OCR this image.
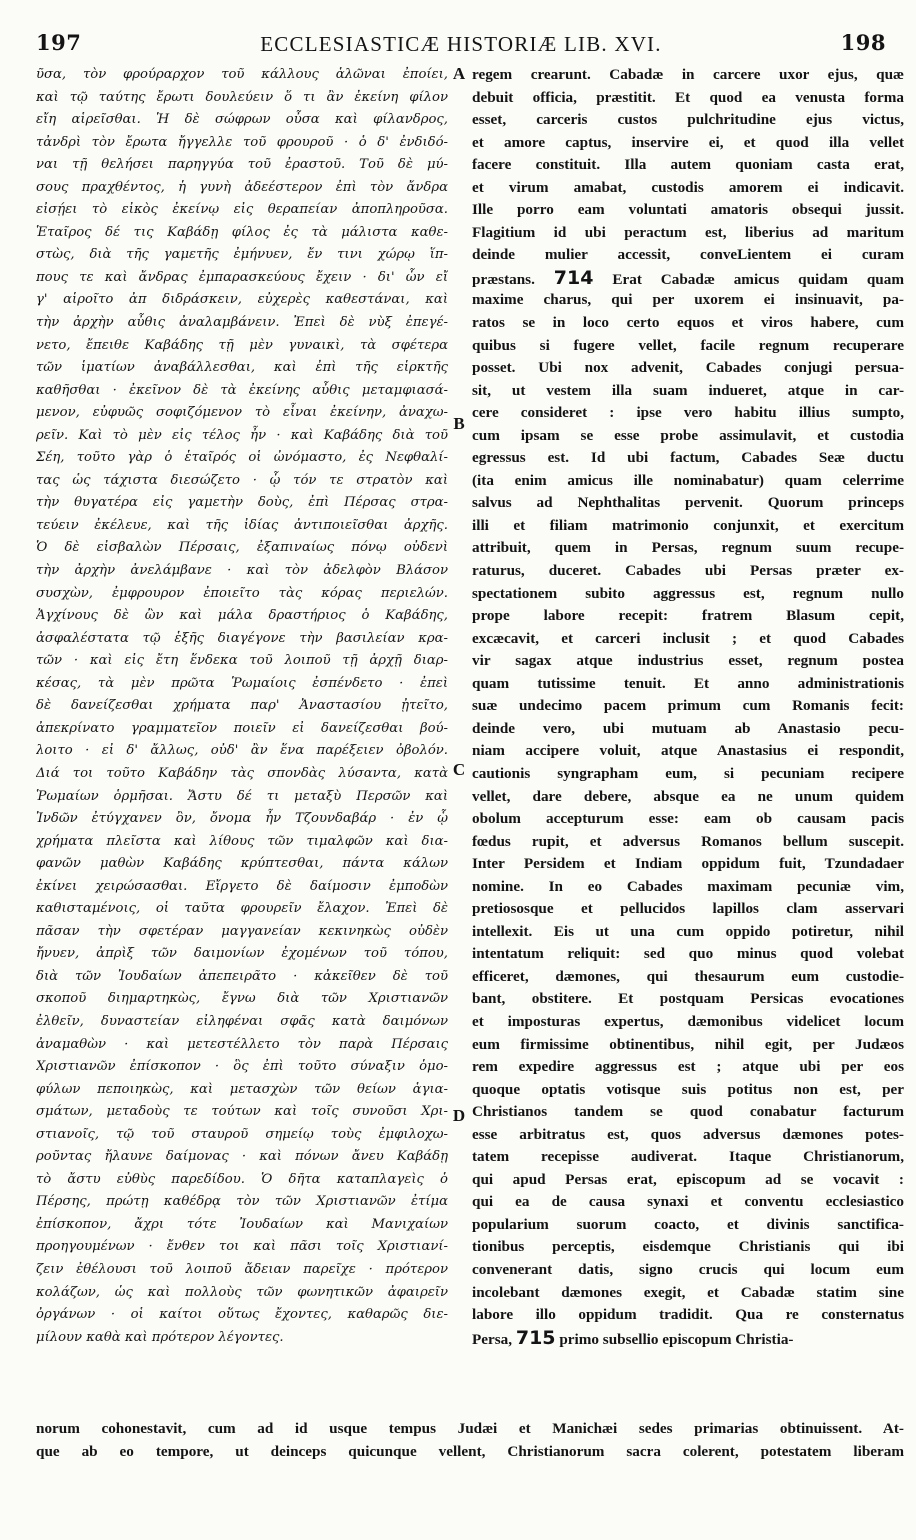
197	ECCLESIASTICÆ HISTORIÆ LIB. XVI.	198
ῦσα, τὸν φρούραρχον τοῦ κάλλους ἁλῶναι ἐποίει,
καὶ τῷ ταύτης ἔρωτι δουλεύειν ὅ τι ἂν ἐκείνη φίλον
εἴη αἱρεῖσθαι. Ἡ δὲ σώφρων οὖσα καὶ φίλανδρος,
τἀνδρὶ τὸν ἔρωτα ἤγγελλε τοῦ φρουροῦ · ὁ δ' ἐνδιδό-
ναι τῇ θελήσει παρηγγύα τοῦ ἐραστοῦ. Τοῦ δὲ μύ-
σους πραχθέντος, ἡ γυνὴ ἀδεέστερον ἐπὶ τὸν ἄνδρα
εἰσῄει τὸ εἰκὸς ἐκείνῳ εἰς θεραπείαν ἀποπληροῦσα.
Ἑταῖρος δέ τις Καβάδῃ φίλος ἐς τὰ μάλιστα καθε-
στὼς, διὰ τῆς γαμετῆς ἐμήνυεν, ἔν τινι χώρῳ ἵπ-
πους τε καὶ ἄνδρας ἐμπαρασκεύους ἔχειν · δι' ὧν εἴ
γ' αἱροῖτο ἀπ διδράσκειν, εὐχερὲς καθεστάναι, καὶ
τὴν ἀρχὴν αὖθις ἀναλαμβάνειν. Ἐπεὶ δὲ νὺξ ἐπεγέ-
νετο, ἔπειθε Καβάδης τῇ μὲν γυναικὶ, τὰ σφέτερα
τῶν ἱματίων ἀναβάλλεσθαι, καὶ ἐπὶ τῆς εἱρκτῆς
καθῆσθαι · ἐκεῖνον δὲ τὰ ἐκείνης αὖθις μεταμφιασά-
μενον, εὐφυῶς σοφιζόμενον τὸ εἶναι ἐκείνην, ἀναχω-
ρεῖν. Καὶ τὸ μὲν εἰς τέλος ἦν · καὶ Καβάδης διὰ τοῦ
Σέη, τοῦτο γὰρ ὁ ἑταῖρός οἱ ὠνόμαστο, ἐς Νεφθαλί-
τας ὡς τάχιστα διεσώζετο · ᾧ τόν τε στρατὸν καὶ
τὴν θυγατέρα εἰς γαμετὴν δοὺς, ἐπὶ Πέρσας στρα-
τεύειν ἐκέλευε, καὶ τῆς ἰδίας ἀντιποιεῖσθαι ἀρχῆς.
Ὁ δὲ εἰσβαλὼν Πέρσαις, ἐξαπιναίως πόνῳ οὐδενὶ
τὴν ἀρχὴν ἀνελάμβανε · καὶ τὸν ἀδελφὸν Βλάσον
συσχὼν, ἐμφρουρον ἐποιεῖτο τὰς κόρας περιελών.
Ἀγχίνους δὲ ὢν καὶ μάλα δραστήριος ὁ Καβάδης,
ἀσφαλέστατα τῷ ἑξῆς διαγέγονε τὴν βασιλείαν κρα-
τῶν · καὶ εἰς ἔτη ἕνδεκα τοῦ λοιποῦ τῇ ἀρχῇ διαρ-
κέσας, τὰ μὲν πρῶτα Ῥωμαίοις ἐσπένδετο · ἐπεὶ
δὲ δανείζεσθαι χρήματα παρ' Ἀναστασίου ᾐτεῖτο,
ἀπεκρίνατο γραμματεῖον ποιεῖν εἰ δανείζεσθαι βού-
λοιτο · εἰ δ' ἄλλως, οὐδ' ἂν ἕνα παρέξειεν ὀβολόν.
Διά τοι τοῦτο Καβάδην τὰς σπονδὰς λύσαντα, κατὰ
Ῥωμαίων ὁρμῆσαι. Ἄστυ δέ τι μεταξὺ Περσῶν καὶ
Ἰνδῶν ἐτύγχανεν ὂν, ὄνομα ἦν Τζουνδαβάρ · ἐν ᾧ
χρήματα πλεῖστα καὶ λίθους τῶν τιμαλφῶν καὶ δια-
φανῶν μαθὼν Καβάδης κρύπτεσθαι, πάντα κάλων
ἐκίνει χειρώσασθαι. Εἴργετο δὲ δαίμοσιν ἐμποδὼν
καθισταμένοις, οἱ ταῦτα φρουρεῖν ἔλαχον. Ἐπεὶ δὲ
πᾶσαν τὴν σφετέραν μαγγανείαν κεκινηκὼς οὐδὲν
ἤνυεν, ἀπρὶξ τῶν δαιμονίων ἐχομένων τοῦ τόπου,
διὰ τῶν Ἰουδαίων ἀπεπειρᾶτο · κἀκεῖθεν δὲ τοῦ
σκοποῦ διημαρτηκὼς, ἔγνω διὰ τῶν Χριστιανῶν
ἐλθεῖν, δυναστείαν εἰληφέναι σφᾶς κατὰ δαιμόνων
ἀναμαθὼν · καὶ μετεστέλλετο τὸν παρὰ Πέρσαις
Χριστιανῶν ἐπίσκοπον · ὃς ἐπὶ τοῦτο σύναξιν ὁμο-
φύλων πεποιηκὼς, καὶ μετασχὼν τῶν θείων ἁγια-
σμάτων, μεταδοὺς τε τούτων καὶ τοῖς συνοῦσι Χρι-
στιανοῖς, τῷ τοῦ σταυροῦ σημείῳ τοὺς ἐμφιλοχω-
ροῦντας ἤλαυνε δαίμονας · καὶ πόνων ἄνευ Καβάδῃ
τὸ ἄστυ εὐθὺς παρεδίδου. Ὁ δῆτα καταπλαγεὶς ὁ
Πέρσης, πρώτῃ καθέδρᾳ τὸν τῶν Χριστιανῶν ἐτίμα
ἐπίσκοπον, ἄχρι τότε Ἰουδαίων καὶ Μανιχαίων
προηγουμένων · ἔνθεν τοι καὶ πᾶσι τοῖς Χριστιανί-
ζειν ἐθέλουσι τοῦ λοιποῦ ἄδειαν παρεῖχε · πρότερον
κολάζων, ὡς καὶ πολλοὺς τῶν φωνητικῶν ἀφαιρεῖν
ὀργάνων · οἱ καίτοι οὕτως ἔχοντες, καθαρῶς διε-
μίλουν καθὰ καὶ πρότερον λέγοντες.
regem crearunt. Cabadæ in carcere uxor ejus, quæ
debuit officia, præstitit. Et quod ea venusta forma
esset, carceris custos pulchritudine ejus victus,
et amore captus, inservire ei, et quod illa vellet
facere constituit. Illa autem quoniam casta erat,
et virum amabat, custodis amorem ei indicavit.
Ille porro eam voluntati amatoris obsequi jussit.
Flagitium id ubi peractum est, liberius ad maritum
deinde mulier accessit, conveLientem ei curam
præstans. 714 Erat Cabadæ amicus quidam quam
maxime charus, qui per uxorem ei insinuavit, pa-
ratos se in loco certo equos et viros habere, cum
quibus si fugere vellet, facile regnum recuperare
posset. Ubi nox advenit, Cabades conjugi persua-
sit, ut vestem illa suam indueret, atque in car-
cere consideret : ipse vero habitu illius sumpto,
cum ipsam se esse probe assimulavit, et custodia
egressus est. Id ubi factum, Cabades Seæ ductu
(ita enim amicus ille nominabatur) quam celerrime
salvus ad Nephthalitas pervenit. Quorum princeps
illi et filiam matrimonio conjunxit, et exercitum
attribuit, quem in Persas, regnum suum recupe-
raturus, duceret. Cabades ubi Persas præter ex-
spectationem subito aggressus est, regnum nullo
prope labore recepit: fratrem Blasum cepit,
excæcavit, et carceri inclusit ; et quod Cabades
vir sagax atque industrius esset, regnum postea
quam tutissime tenuit. Et anno administrationis
suæ undecimo pacem primum cum Romanis fecit:
deinde vero, ubi mutuam ab Anastasio pecu-
niam accipere voluit, atque Anastasius ei respondit,
cautionis syngrapham eum, si pecuniam recipere
vellet, dare debere, absque ea ne unum quidem
obolum accepturum esse: eam ob causam pacis
fœdus rupit, et adversus Romanos bellum suscepit.
Inter Persidem et Indiam oppidum fuit, Tzundadaer
nomine. In eo Cabades maximam pecuniæ vim,
pretiososque et pellucidos lapillos clam asservari
intellexit. Eis ut una cum oppido potiretur, nihil
intentatum reliquit: sed quo minus quod volebat
efficeret, dæmones, qui thesaurum eum custodie-
bant, obstitere. Et postquam Persicas evocationes
et imposturas expertus, dæmonibus videlicet locum
eum firmissime obtinentibus, nihil egit, per Judæos
rem expedire aggressus est ; atque ubi per eos
quoque optatis votisque suis potitus non est, per
Christianos tandem se quod conabatur facturum
esse arbitratus est, quos adversus dæmones potes-
tatem recepisse audiverat. Itaque Christianorum,
qui apud Persas erat, episcopum ad se vocavit :
qui ea de causa synaxi et conventu ecclesiastico
popularium suorum coacto, et divinis sanctifica-
tionibus perceptis, eisdemque Christianis qui ibi
convenerant datis, signo crucis qui locum eum
incolebant dæmones exegit, et Cabadæ statim sine
labore illo oppidum tradidit. Qua re consternatus
Persa, 715 primo subsellio episcopum Christia-
A
B
C
D
norum cohonestavit, cum ad id usque tempus Judæi et Manichæi sedes primarias obtinuissent. At-
que ab eo tempore, ut deinceps quicunque vellent, Christianorum sacra colerent, potestatem liberam
